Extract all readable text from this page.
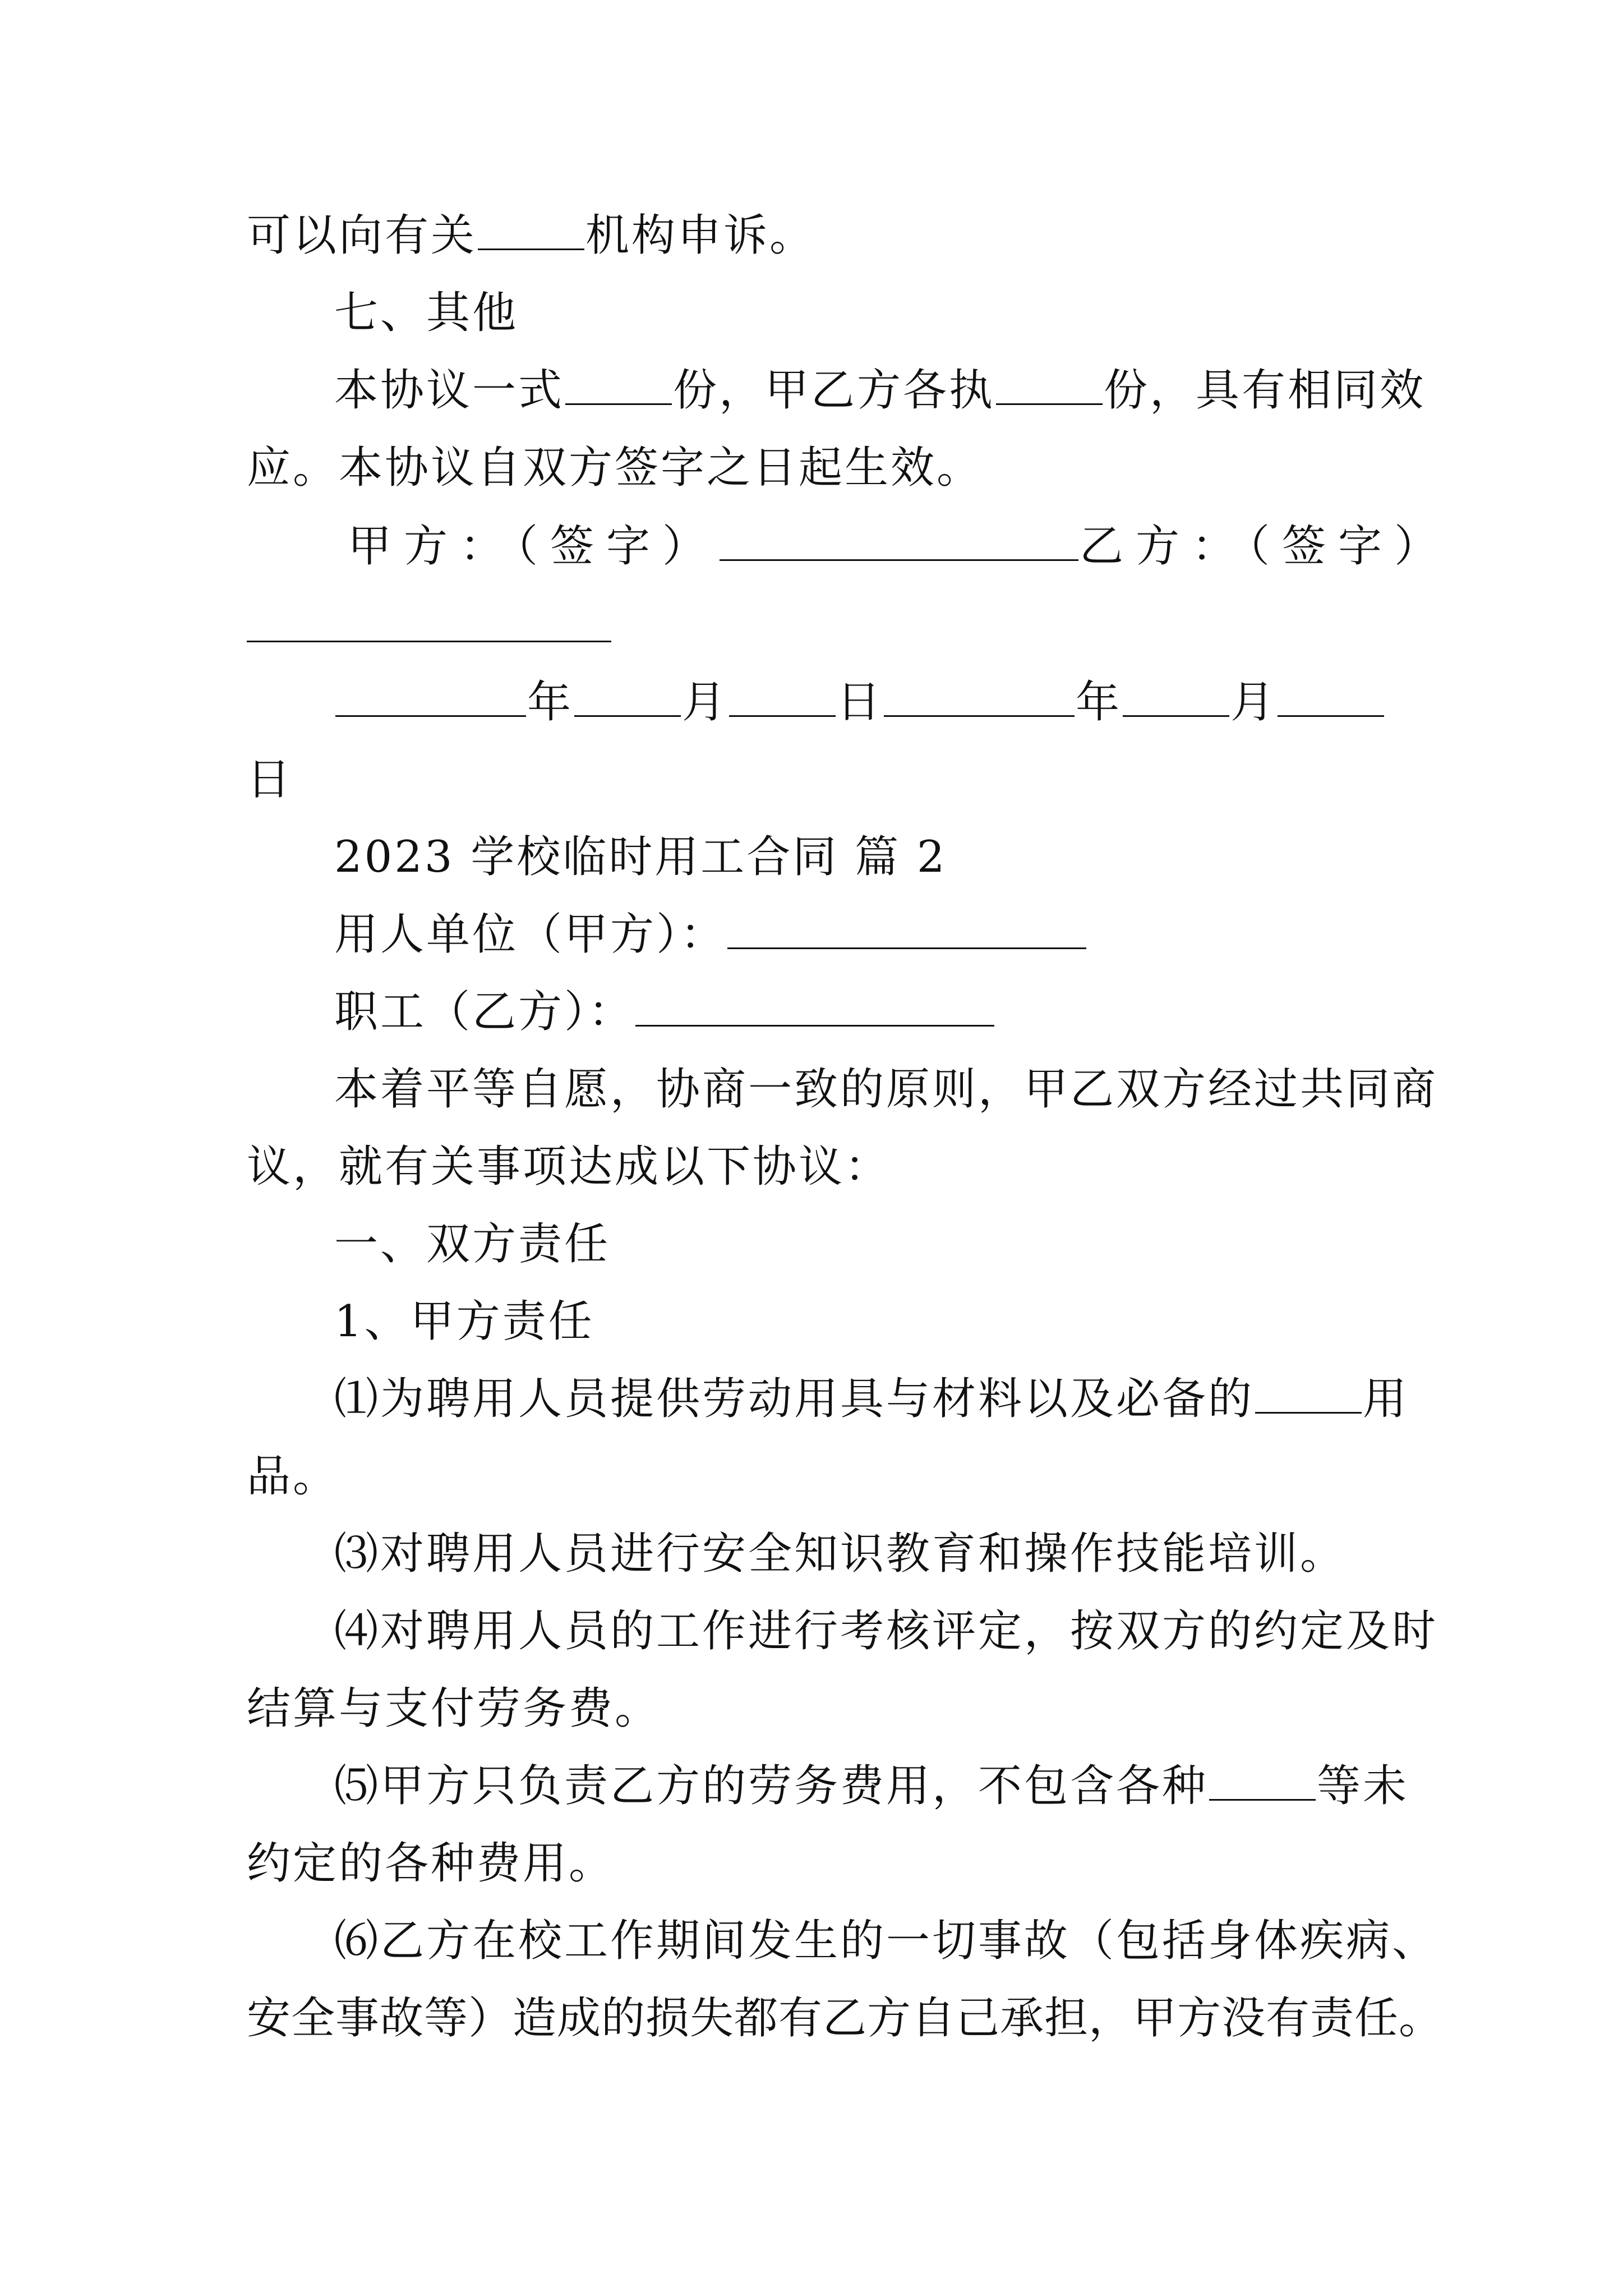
可以向有关 机构申诉。
七、其他
本协议一式 份，甲乙方各执 份，具有相同效
应。本协议自双方签字之日起生效。
甲方：（签字）	乙方：（签字）
年 月 日	年 月
日
2023 学校临时用工合同 篇 2
用人单位（甲方）：
职工（乙方）：
本着平等自愿，协商一致的原则，甲乙双方经过共同商
议，就有关事项达成以下协议：
一、双方责任
1、甲方责任
⑴为聘用人员提供劳动用具与材料以及必备的 用
品。
⑶对聘用人员进行安全知识教育和操作技能培训。
⑷对聘用人员的工作进行考核评定，按双方的约定及时
结算与支付劳务费。
⑸甲方只负责乙方的劳务费用，不包含各种 等未
约定的各种费用。
⑹乙方在校工作期间发生的一切事故（包括身体疾病、
安全事故等）造成的损失都有乙方自己承担，甲方没有责任。
